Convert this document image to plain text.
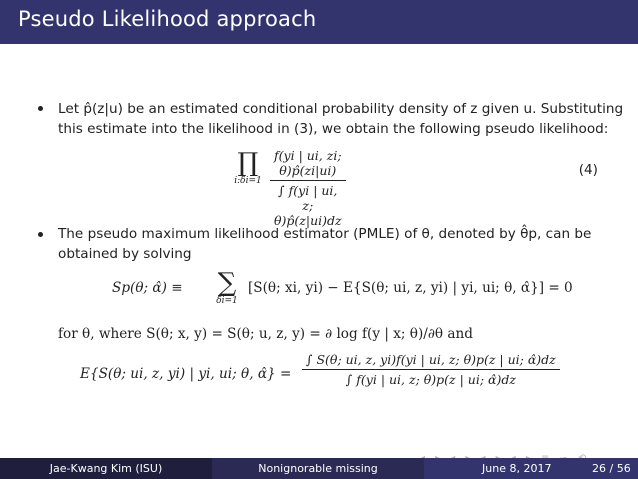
Pseudo Likelihood approach
Let p̂(z|u) be an estimated conditional probability density of z given u. Substituting
this estimate into the likelihood in (3), we obtain the following pseudo likelihood:
∏
i:δi=1 $\frac{f(yi | ui, zi; \theta)p̂(zi|ui)}{\int f(yi | ui, z; \theta)p̂(z|ui)dz}$	(4)
The pseudo maximum likelihood estimator (PMLE) of θ, denoted by θ̂p, can be
obtained by solving
Sp(θ; α̂) ≡ ∑
δi=1
[S(θ; xi, yi) − E{S(θ; ui, z, yi) | yi, ui; θ, α̂}] = 0
for θ, where S(θ; x, y) = S(θ; u, z, y) = ∂ log f(y | x; θ)/∂θ and
E{S(θ; ui, z, yi) | yi, ui; θ, α̂} = $\frac{\int S(\theta; ui, z, yi)f(yi | ui, z; \theta)p(z | ui; \alphâ)dz}{\int f(yi | ui, z; \theta)p(z | ui; \alphâ)dz}$
Jae-Kwang Kim (ISU)	Nonignorable missing	June 8, 2017	26 / 56
